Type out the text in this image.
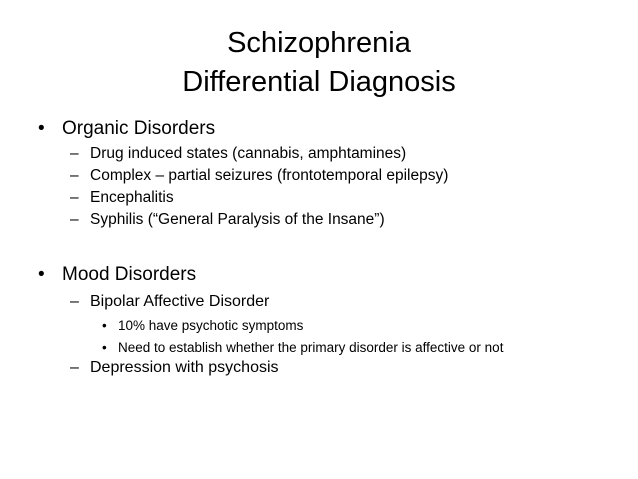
Schizophrenia
Differential Diagnosis
• Organic Disorders
– Drug induced states (cannabis, amphtamines)
– Complex – partial seizures (frontotemporal epilepsy)
– Encephalitis
– Syphilis (“General Paralysis of the Insane”)
• Mood Disorders
– Bipolar Affective Disorder
• 10% have psychotic symptoms
• Need to establish whether the primary disorder is affective or not
– Depression with psychosis
